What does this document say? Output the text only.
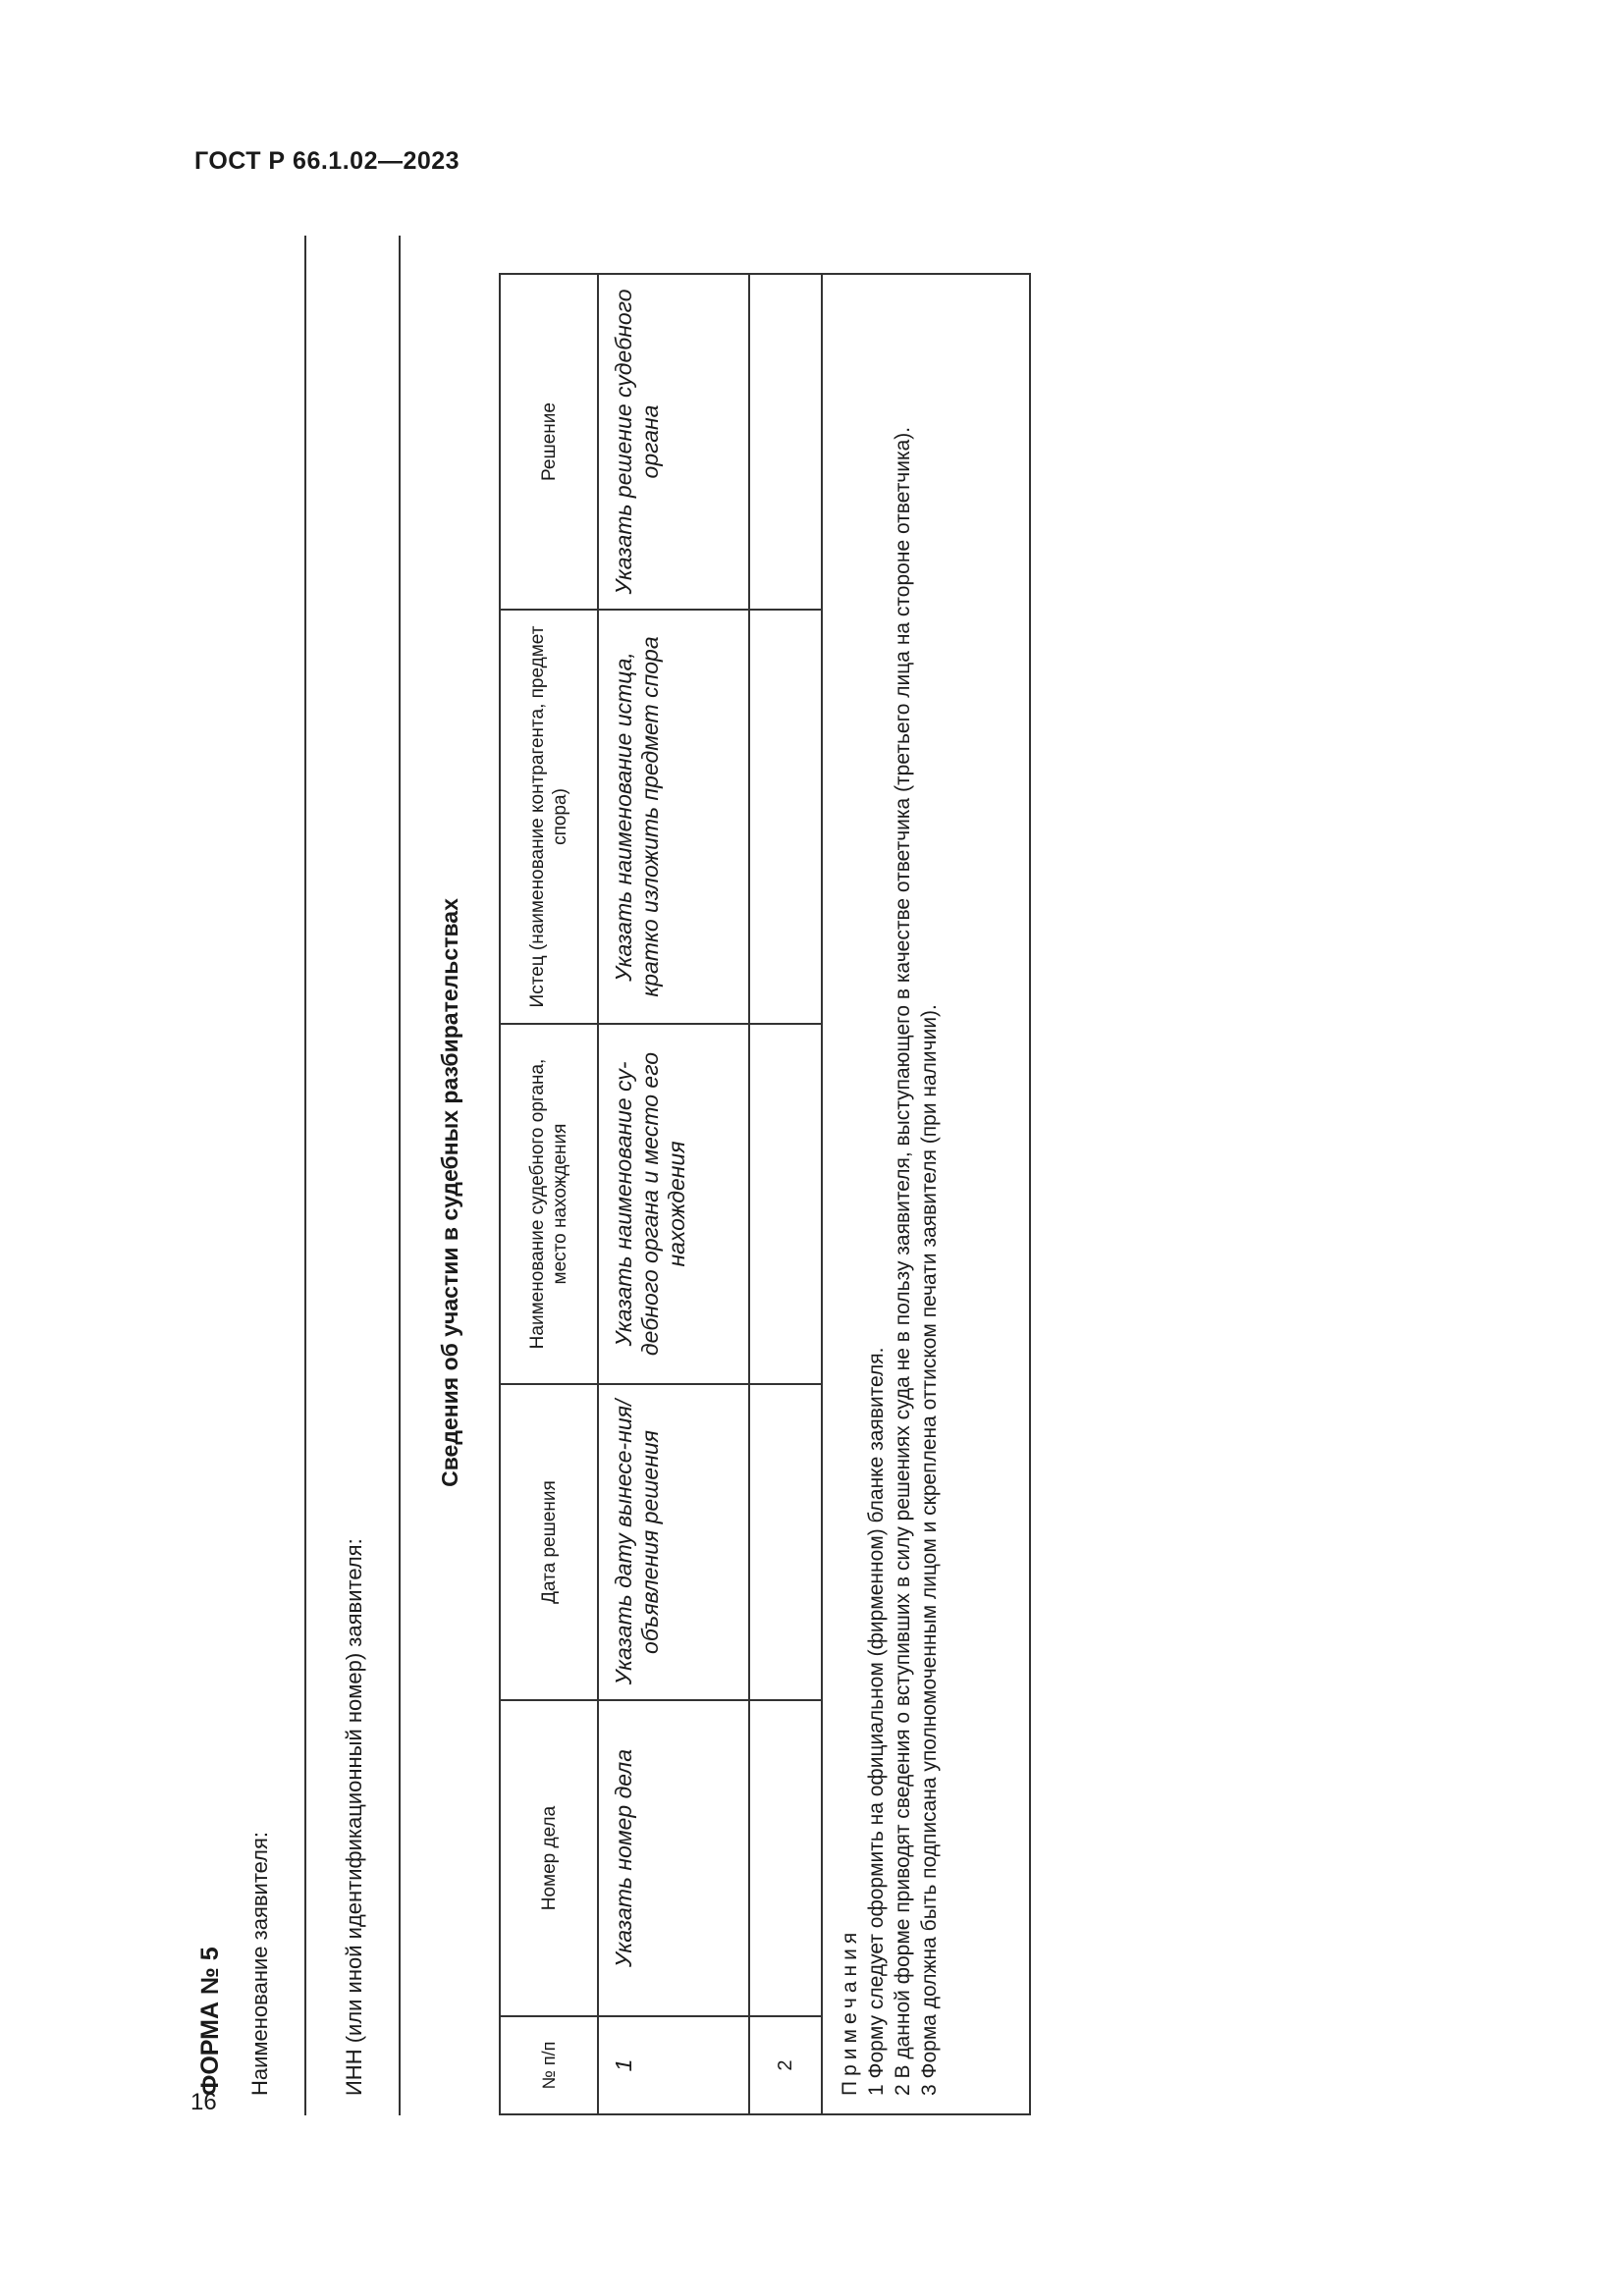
ГОСТ Р 66.1.02—2023
ФОРМА № 5 Наименование заявителя:	ИНН (или иной идентификационный номер) заявителя:
Сведения об участии в судебных разбирательствах
№ п/п	Номер дела	Дата решения	Наименование судебного органа, место нахождения	Истец (наименование контрагента, предмет спора)	Решение
1	Указать номер дела	Указать дату вынесе-ния/объявления решения	Указать наименование су-дебного органа и место его нахождения	Указать наименование истца, кратко изложить предмет спора	Указать решение судебного органа
2					

Примечания 1 Форму следует оформить на официальном (фирменном) бланке заявителя. 2 В данной форме приводят сведения о вступивших в силу решениях суда не в пользу заявителя, выступающего в качестве ответчика (третьего лица на стороне ответчика). 3 Форма должна быть подписана уполномоченным лицом и скреплена оттиском печати заявителя (при наличии).					
16
